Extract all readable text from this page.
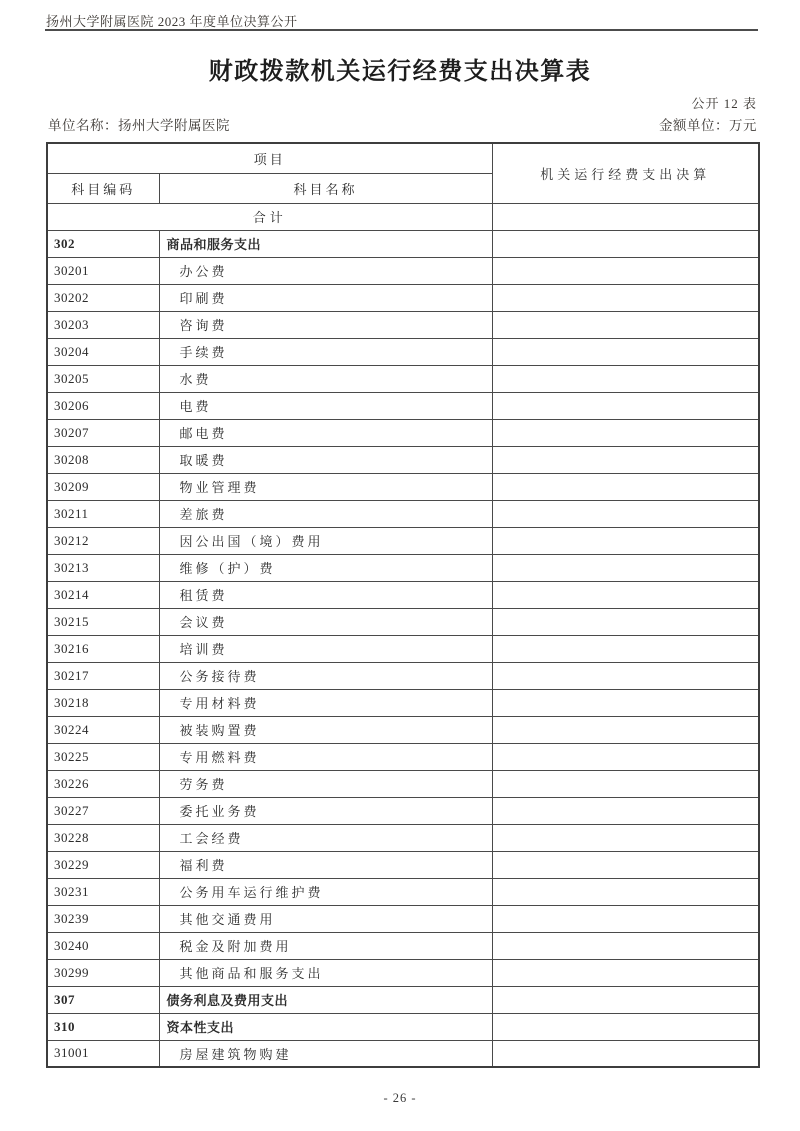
扬州大学附属医院 2023 年度单位决算公开
财政拨款机关运行经费支出决算表
公开 12 表
单位名称：扬州大学附属医院	金额单位：万元
项目		机关运行经费支出决算
科目编码	科目名称	
合计		
302	商品和服务支出	
30201	办公费	
30202	印刷费	
30203	咨询费	
30204	手续费	
30205	水费	
30206	电费	
30207	邮电费	
30208	取暖费	
30209	物业管理费	
30211	差旅费	
30212	因公出国（境）费用	
30213	维修（护）费	
30214	租赁费	
30215	会议费	
30216	培训费	
30217	公务接待费	
30218	专用材料费	
30224	被装购置费	
30225	专用燃料费	
30226	劳务费	
30227	委托业务费	
30228	工会经费	
30229	福利费	
30231	公务用车运行维护费	
30239	其他交通费用	
30240	税金及附加费用	
30299	其他商品和服务支出	
307	债务利息及费用支出	
310	资本性支出	
31001	房屋建筑物购建	
- 26 -
